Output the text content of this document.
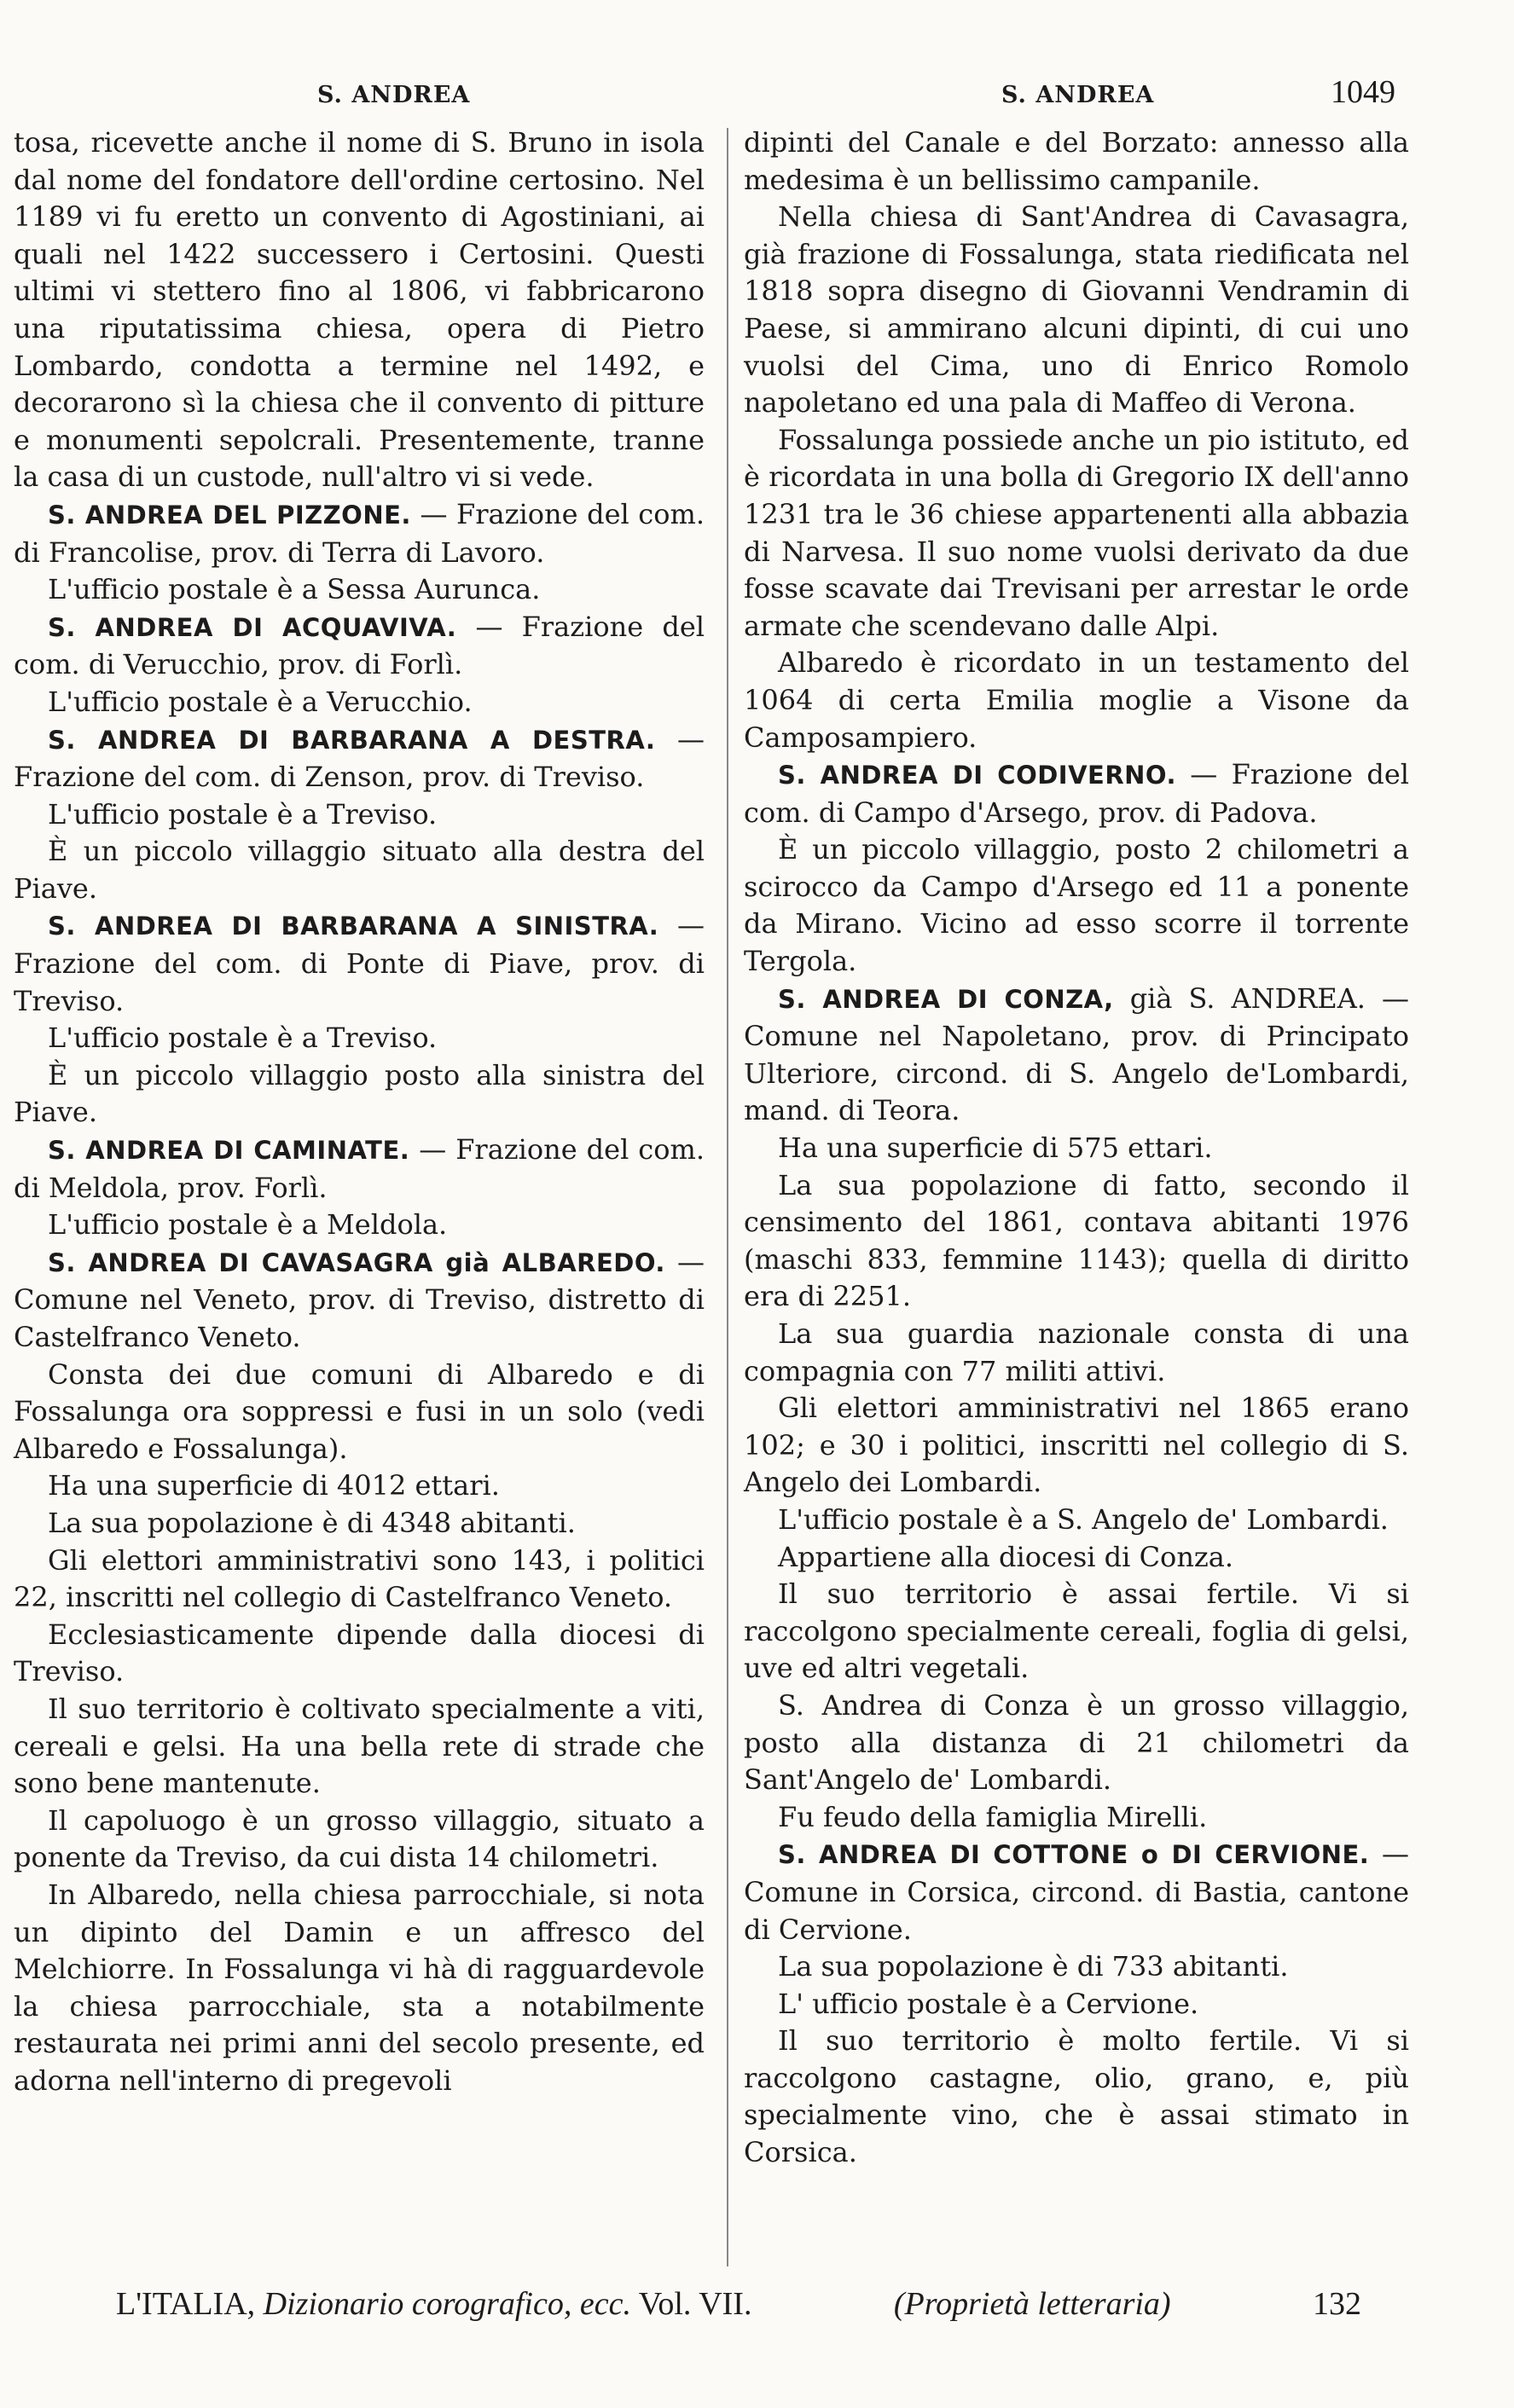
S. ANDREA	S. ANDREA	1049

tosa, ricevette anche il nome di S. Bruno in isola dal nome del fondatore dell'ordine certosino. Nel 1189 vi fu eretto un convento di Agostiniani, ai quali nel 1422 successero i Certosini. Questi ultimi vi stettero fino al 1806, vi fabbricarono una riputatissima chiesa, opera di Pietro Lombardo, condotta a termine nel 1492, e decorarono sì la chiesa che il convento di pitture e monumenti sepolcrali. Presentemente, tranne la casa di un custode, null'altro vi si vede.

S. ANDREA DEL PIZZONE. — Frazione del com. di Francolise, prov. di Terra di Lavoro.

L'ufficio postale è a Sessa Aurunca.

S. ANDREA DI ACQUAVIVA. — Frazione del com. di Verucchio, prov. di Forlì.

L'ufficio postale è a Verucchio.

S. ANDREA DI BARBARANA A DESTRA. — Frazione del com. di Zenson, prov. di Treviso.

L'ufficio postale è a Treviso.

È un piccolo villaggio situato alla destra del Piave.

S. ANDREA DI BARBARANA A SINISTRA. — Frazione del com. di Ponte di Piave, prov. di Treviso.

L'ufficio postale è a Treviso.

È un piccolo villaggio posto alla sinistra del Piave.

S. ANDREA DI CAMINATE. — Frazione del com. di Meldola, prov. Forlì.

L'ufficio postale è a Meldola.

S. ANDREA DI CAVASAGRA già ALBAREDO. — Comune nel Veneto, prov. di Treviso, distretto di Castelfranco Veneto.

Consta dei due comuni di Albaredo e di Fossalunga ora soppressi e fusi in un solo (vedi Albaredo e Fossalunga).

Ha una superficie di 4012 ettari.

La sua popolazione è di 4348 abitanti.

Gli elettori amministrativi sono 143, i politici 22, inscritti nel collegio di Castelfranco Veneto.

Ecclesiasticamente dipende dalla diocesi di Treviso.

Il suo territorio è coltivato specialmente a viti, cereali e gelsi. Ha una bella rete di strade che sono bene mantenute.

Il capoluogo è un grosso villaggio, situato a ponente da Treviso, da cui dista 14 chilometri.

In Albaredo, nella chiesa parrocchiale, si nota un dipinto del Damin e un affresco del Melchiorre. In Fossalunga vi hà di ragguardevole la chiesa parrocchiale, sta a notabilmente restaurata nei primi anni del secolo presente, ed adorna nell'interno di pregevoli

dipinti del Canale e del Borzato: annesso alla medesima è un bellissimo campanile.

Nella chiesa di Sant'Andrea di Cavasagra, già frazione di Fossalunga, stata riedificata nel 1818 sopra disegno di Giovanni Vendramin di Paese, si ammirano alcuni dipinti, di cui uno vuolsi del Cima, uno di Enrico Romolo napoletano ed una pala di Maffeo di Verona.

Fossalunga possiede anche un pio istituto, ed è ricordata in una bolla di Gregorio IX dell'anno 1231 tra le 36 chiese appartenenti alla abbazia di Narvesa. Il suo nome vuolsi derivato da due fosse scavate dai Trevisani per arrestar le orde armate che scendevano dalle Alpi.

Albaredo è ricordato in un testamento del 1064 di certa Emilia moglie a Visone da Camposampiero.

S. ANDREA DI CODIVERNO. — Frazione del com. di Campo d'Arsego, prov. di Padova.

È un piccolo villaggio, posto 2 chilometri a scirocco da Campo d'Arsego ed 11 a ponente da Mirano. Vicino ad esso scorre il torrente Tergola.

S. ANDREA DI CONZA, già S. ANDREA. — Comune nel Napoletano, prov. di Principato Ulteriore, circond. di S. Angelo de'Lombardi, mand. di Teora.

Ha una superficie di 575 ettari.

La sua popolazione di fatto, secondo il censimento del 1861, contava abitanti 1976 (maschi 833, femmine 1143); quella di diritto era di 2251.

La sua guardia nazionale consta di una compagnia con 77 militi attivi.

Gli elettori amministrativi nel 1865 erano 102; e 30 i politici, inscritti nel collegio di S. Angelo dei Lombardi.

L'ufficio postale è a S. Angelo de' Lombardi.

Appartiene alla diocesi di Conza.

Il suo territorio è assai fertile. Vi si raccolgono specialmente cereali, foglia di gelsi, uve ed altri vegetali.

S. Andrea di Conza è un grosso villaggio, posto alla distanza di 21 chilometri da Sant'Angelo de' Lombardi.

Fu feudo della famiglia Mirelli.

S. ANDREA DI COTTONE o DI CERVIONE. — Comune in Corsica, circond. di Bastia, cantone di Cervione.

La sua popolazione è di 733 abitanti.

L' ufficio postale è a Cervione.

Il suo territorio è molto fertile. Vi si raccolgono castagne, olio, grano, e, più specialmente vino, che è assai stimato in Corsica.

L'ITALIA, Dizionario corografico, ecc. Vol. VII.	(Proprietà letteraria)	132
